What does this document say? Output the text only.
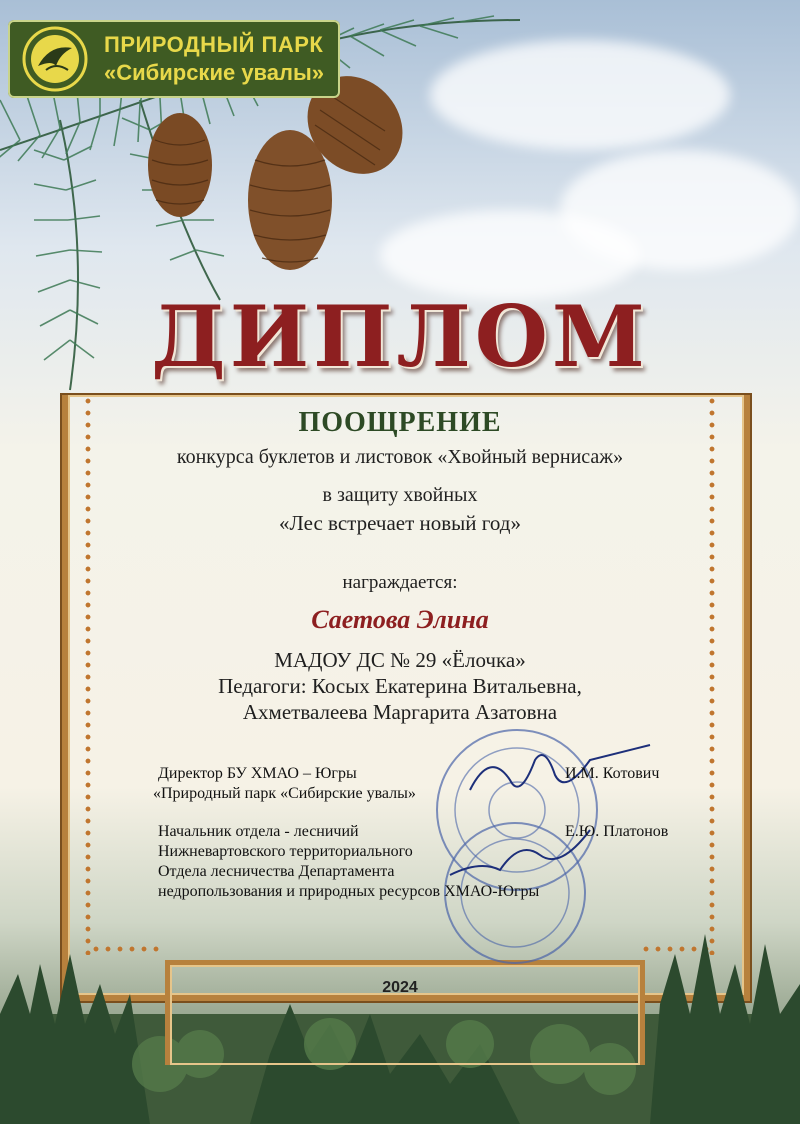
ПРИРОДНЫЙ ПАРК
«Сибирские увалы»
ДИПЛОМ
ПООЩРЕНИЕ
конкурса буклетов и листовок «Хвойный вернисаж»
в защиту хвойных
«Лес встречает новый год»
награждается:
Саетова Элина
МАДОУ ДС № 29 «Ёлочка»
Педагоги: Косых Екатерина Витальевна,
Ахметвалеева Маргарита Азатовна
Директор БУ ХМАО – Югры
«Природный парк «Сибирские увалы»
И.М. Котович
Начальник отдела - лесничий
Нижневартовского территориального
Отдела лесничества Департамента
недропользования и природных ресурсов ХМАО-Югры
Е.Ю. Платонов
2024
